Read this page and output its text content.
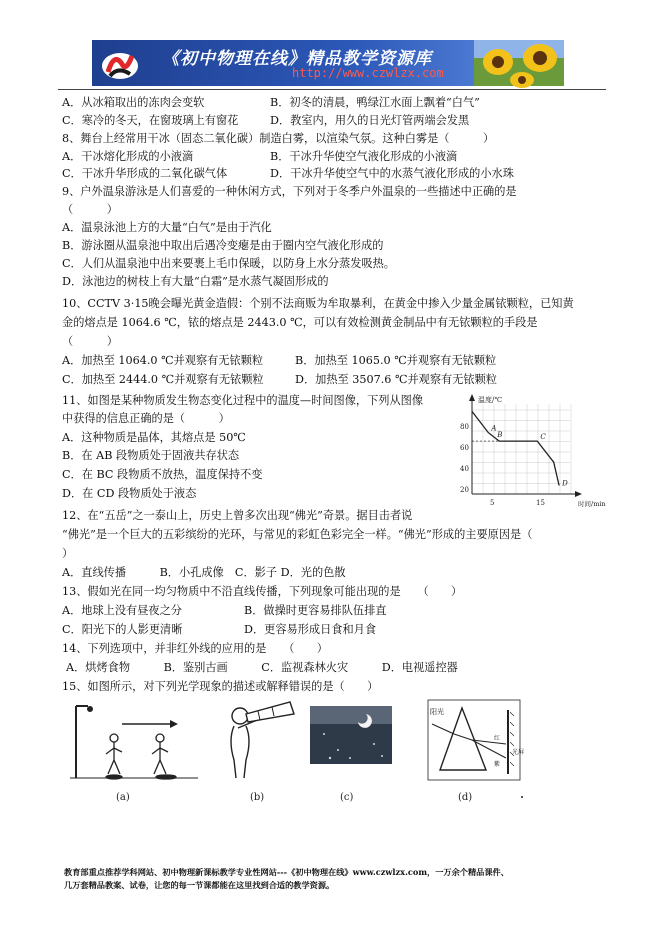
《初中物理在线》精品教学资源库
http://www.czwlzx.com
A．从冰箱取出的冻肉会变软	B．初冬的清晨，鸭绿江水面上飘着“白气”
C．寒冷的冬天，在窗玻璃上有窗花	D．教室内，用久的日光灯管两端会发黑
8、舞台上经常用干冰（固态二氧化碳）制造白雾，以渲染气氛。这种白雾是（　　　）
A．干冰熔化形成的小液滴	B．干冰升华使空气液化形成的小液滴
C．干冰升华形成的二氧化碳气体	D．干冰升华使空气中的水蒸气液化形成的小水珠
9、户外温泉游泳是人们喜爱的一种休闲方式，下列对于冬季户外温泉的一些描述中正确的是
（　　　）
A．温泉泳池上方的大量“白气”是由于汽化
B．游泳圈从温泉池中取出后遇冷变瘪是由于圈内空气液化形成的
C．人们从温泉池中出来要裹上毛巾保暖，以防身上水分蒸发吸热。
D．泳池边的树枝上有大量“白霜”是水蒸气凝固形成的
10、CCTV 3·15晚会曝光黄金造假：个别不法商贩为牟取暴利，在黄金中掺入少量金属铱颗粒，已知黄
金的熔点是 1064.6 ℃，铱的熔点是 2443.0 ℃，可以有效检测黄金制品中有无铱颗粒的手段是
（　　　）
A．加热至 1064.0 ℃并观察有无铱颗粒	B．加热至 1065.0 ℃并观察有无铱颗粒
C．加热至 2444.0 ℃并观察有无铱颗粒	D．加热至 3507.6 ℃并观察有无铱颗粒
11、如图是某种物质发生物态变化过程中的温度—时间图像，下列从图像
中获得的信息正确的是（　　　）
A．这种物质是晶体，其熔点是 50℃
B．在 AB 段物质处于固液共存状态
C．在 BC 段物质不放热，温度保持不变
D．在 CD 段物质处于液态
温度/℃
时间/min
80
60
40
20
5	15
A
B	C
D
12、在“五岳”之一泰山上，历史上曾多次出现“佛光”奇景。据目击者说
“佛光”是一个巨大的五彩缤纷的光环，与常见的彩虹色彩完全一样。“佛光”形成的主要原因是（
）
A．直线传播　　　B．小孔成像　C．影子 D．光的色散
13、假如光在同一均匀物质中不沿直线传播，下列现象可能出现的是　　（　　）
A．地球上没有昼夜之分	B．做操时更容易排队伍排直
C．阳光下的人影更清晰	D．更容易形成日食和月食
14、下列选项中，并非红外线的应用的是　　（　　）
A．烘烤食物　　　B．鉴别古画　　　C．监视森林火灾　　　D．电视遥控器
15、如图所示，对下列光学现象的描述或解释错误的是（　　）
阳光
光屏
红
紫
(a)	(b)	(c)	(d)
教育部重点推荐学科网站、初中物理新课标教学专业性网站---《初中物理在线》www.czwlzx.com，一万余个精品课件、
几万套精品教案、试卷，让您的每一节课都能在这里找到合适的教学资源。
